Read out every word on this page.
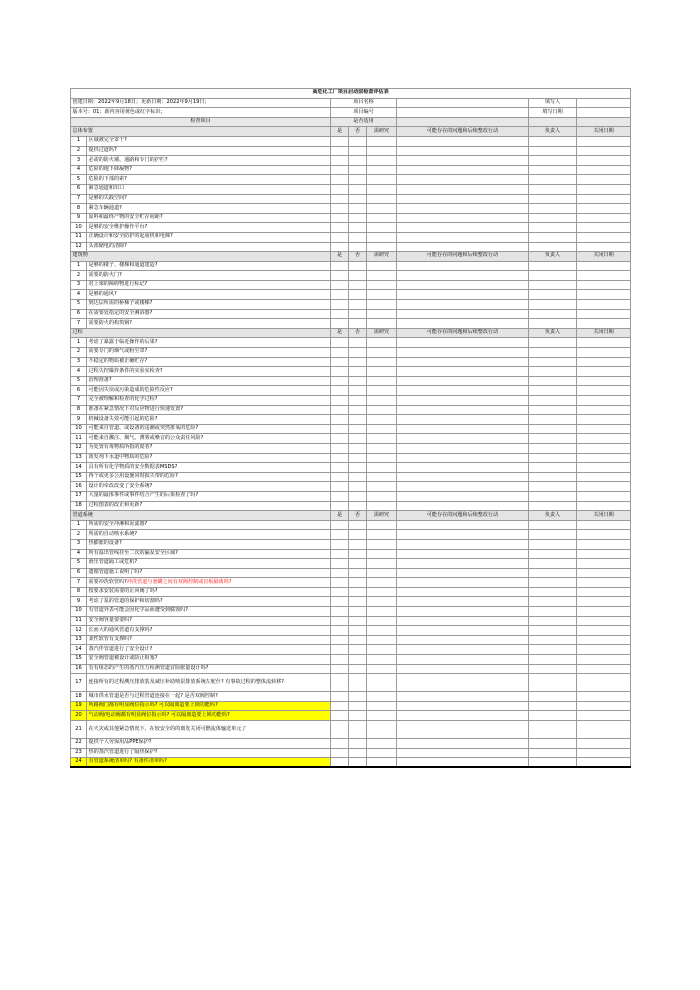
高危化工厂项目启动前检查评估表							
创建日期：2022年9月18日；更新日期：2022年9月19日；		项目名称				填写人	
版本号：01；新内容用黄色或红字标识；		项目编号				填写日期	
检查项目		是否适用					
总体布置		是	否	需研究	可能存在的问题和后续整改行动	负责人	关闭日期
1	区域被完全罩干?						
2	提供过道吗?						
3	必需的防火墙、通路和专门的护栏?						
4	危险的地下降凝物?						
5	危险的下部的索?						
6	紧急通道和出口						
7	是够的失践空间?						
8	紧急车辆通道?						
9	原料和最终产物的安全贮存间距?						
10	是够的安全维护操作平台?						
11	正确设计和安全防护的起重机和电梯?						
12	头部储电的清除?						
建筑物		是	否	需研究	可能存在的问题和后续整改行动	负责人	关闭日期
1	是够的楼子、楼梯和通道建造?						
2	需要的防火门?						
3	对上梁的障碍物进行标记?						
4	是够的通风?						
5	到达层所需的桥梯子或楼梯?						
6	在需要处指定的安全淋浴器?						
7	需要防火的构筑钢?						
过程		是	否	需研究	可能存在的问题和后续整改行动	负责人	关闭日期
1	考虑了暴露于临近操作的后果?						
2	需要专门的烟气或粉尘罩?						
3	不稳定的物质被正确贮存?						
4	过程失控爆炸条件的实验室检查?						
5	治理准备?						
6	可能因失误或污染造成的危险性反应?						
7	完全被理解和检查的化学过程?						
8	准备在紧急情况下对反应物进行快速发置?						
9	机械设备失效可能引起的危险?						
10	可能来自管道、或设备的违潮或突然排氧的危险?						
11	可能来自溅注、烟气、薄雾或噪音的公众责任风险?						
12	为处置有毒物质所指的废者?						
13	泼发剂下水道中物质的危险?						
14	具有所有化学物质的安全数据表MSDS?						
15	再个或更多公用设施同时损失带的危险?						
16	设计的牵改改变了安全系统?						
17	大量的最体事件或事件结合产生的后果检查了吗?						
18	过程图表的改正和更新?						
管道系统		是	否	需研究	可能存在的问题和后续整改行动	负责人	关闭日期
1	所需的安全冲淋和泥滤器?						
2	所需的自动喷水系统?						
3	热膨胀的设备?						
4	所有温出管线挂至二次的漏泵安全区域?						
5	滑压管道隔工或危机?						
6	遗循管道施工说明了吗?						
7	需要冲洗软管吗?冲洗管道与釜罐之间有双阀控制或盲板隔离吗?						
8	按要求安装需要的止回阀了吗?						
9	考虑了泵的管道的保护和切割吗?						
10	有管道外表可能会因化学品而遭受到腐蚀吗?						
11	安全阀容量要要吗?						
12	长而大的通风管道有支撑吗?						
13	柔性软管有支撑吗?						
14	蒸汽伴管道进行了安全设计?						
15	安全阀管道被设计或防止阻塞?						
16	有有组态的产生的蒸汽压力检测管道冒险胀量设计吗?						
17	连接所有的过程溯压排放装及减压补助喷泵排放系统左舵什? 有事故过程的整体流转移?						
18	城市供水管道是否与过程管道连接在一起? 是否双阀控制?						
19	所路阀门都有明显阀位指示吗? 可以隔离造要上锁功能吗?						
20	气动阀/电动阀都有明显阀位指示吗? 可以隔离造要上锁功能吗?						
21	在火灾或其他紧急情况下、在较安全的的离发关闭可燃流体输送单元了						
22	提供个人劳保用品PPE保护?						
23	热的蒸汽管道进行了隔热保护?						
24	有管道系统清单吗? 有备件清单吗?						
